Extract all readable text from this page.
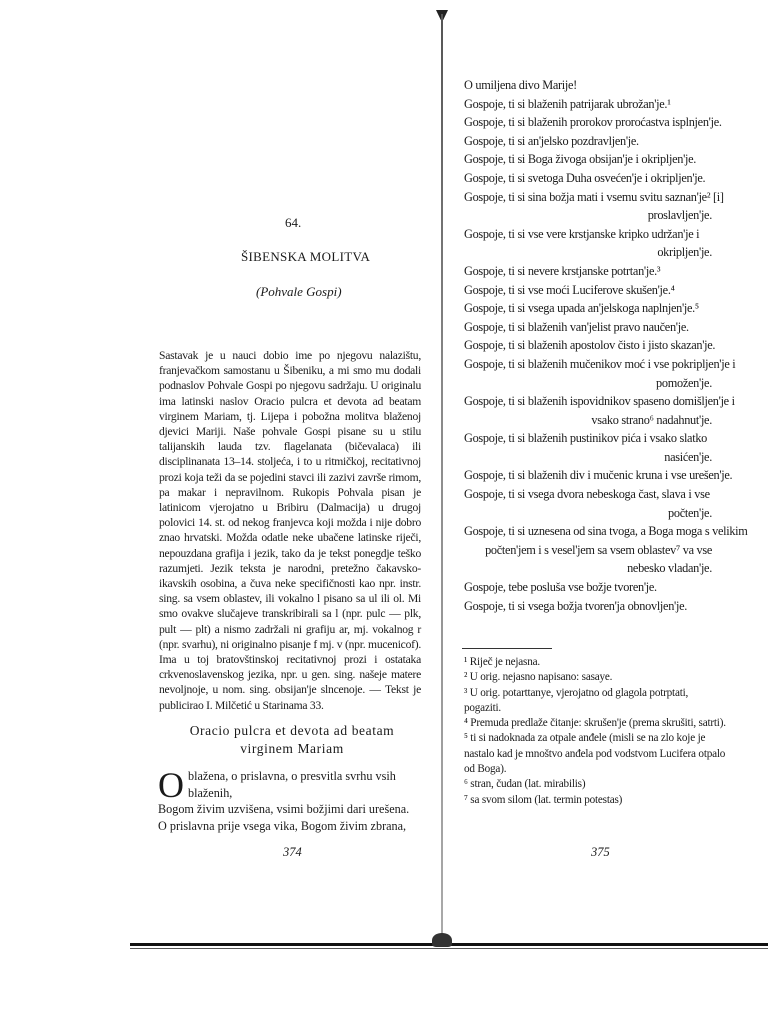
64.
ŠIBENSKA MOLITVA
(Pohvale Gospi)
Sastavak je u nauci dobio ime po njegovu nalazištu, franjevačkom samostanu u Šibeniku, a mi smo mu dodali podnaslov Pohvale Gospi po njegovu sadržaju. U originalu ima latinski naslov Oracio pulcra et devota ad beatam virginem Mariam, tj. Lijepa i pobožna molitva blaženoj djevici Mariji. Naše pohvale Gospi pisane su u stilu talijanskih lauda tzv. flagelanata (bičevalaca) ili disciplinanata 13–14. stoljeća, i to u ritmičkoj, recitativnoj prozi koja teži da se pojedini stavci ili zazivi završe rimom, pa makar i nepravilnom. Rukopis Pohvala pisan je latinicom vjerojatno u Bribiru (Dalmacija) u drugoj polovici 14. st. od nekog franjevca koji možda i nije dobro znao hrvatski. Možda odatle neke ubačene latinske riječi, nepouzdana grafija i jezik, tako da je tekst ponegdje teško razumjeti. Jezik teksta je narodni, pretežno čakavsko-ikavskih osobina, a čuva neke specifičnosti kao npr. instr. sing. sa vsem oblastev, ili vokalno l pisano sa ul ili ol. Mi smo ovakve slučajeve transkribirali sa l (npr. pulc — plk, pult — plt) a nismo zadržali ni grafiju ar, mj. vokalnog r (npr. svarhu), ni originalno pisanje f mj. v (npr. mucenicof). Ima u toj bratovštinskoj recitativnoj prozi i ostataka crkvenoslavenskog jezika, npr. u gen. sing. našeje matere nevoljnoje, u nom. sing. obsijan'je slncenoje. — Tekst je publicirao I. Milčetić u Starinama 33.
Oracio pulcra et devota ad beatam virginem Mariam
O blažena, o prislavna, o presvitla svrhu vsih blaženih,
Bogom živim uzvišena, vsimi božjimi dari urešena.
O prislavna prije vsega vika, Bogom živim zbrana,
374
O umiljena divo Marije!
Gospoje, ti si blaženih patrijarak ubrožan'je.¹
Gospoje, ti si blaženih prorokov proroćastva isplnjen'je.
Gospoje, ti si an'jelsko pozdravljen'je.
Gospoje, ti si Boga živoga obsijan'je i okriplјen'je.
Gospoje, ti si svetoga Duha osvećen'je i okriplјen'je.
Gospoje, ti si sina božja mati i vsemu svitu saznan'je² [i]
proslavljen'je.
Gospoje, ti si vse vere krstjanske kripko udržan'je i
okriplјen'je.
Gospoje, ti si nevere krstjanske potrtan'je.³
Gospoje, ti si vse moći Luciferove skušen'je.⁴
Gospoje, ti si vsega upada an'jelskoga naplnjen'je.⁵
Gospoje, ti si blaženih van'jelist pravo naučen'je.
Gospoje, ti si blaženih apostolov čisto i jisto skazan'je.
Gospoje, ti si blaženih mučenikov moć i vse pokriplјen'je i
pomožen'je.
Gospoje, ti si blaženih ispovidnikov spaseno domišljen'je i
vsako strano⁶ nadahnut'je.
Gospoje, ti si blaženih pustinikov pića i vsako slatko
nasićen'je.
Gospoje, ti si blaženih div i mučenic kruna i vse urešen'je.
Gospoje, ti si vsega dvora nebeskoga čast, slava i vse
počten'je.
Gospoje, ti si uznesena od sina tvoga, a Boga moga s velikim
počten'jem i s vesel'jem sa vsem oblastev⁷ va vse
nebesko vladan'je.
Gospoje, tebe posluša vse božje tvoren'je.
Gospoje, ti si vsega božja tvoren'ja obnovljen'je.

¹ Riječ je nejasna.

² U orig. nejasno napisano: sasaye.

³ U orig. potarttanye, vjerojatno od glagola potrptati, pogaziti.

⁴ Premuda predlaže čitanje: skrušen'je (prema skrušiti, satrti).

⁵ ti si nadoknada za otpale anđele (misli se na zlo koje je nastalo kad je mnoštvo anđela pod vodstvom Lucifera otpalo od Boga).

⁶ stran, čudan (lat. mirabilis)

⁷ sa svom silom (lat. termin potestas)

375
